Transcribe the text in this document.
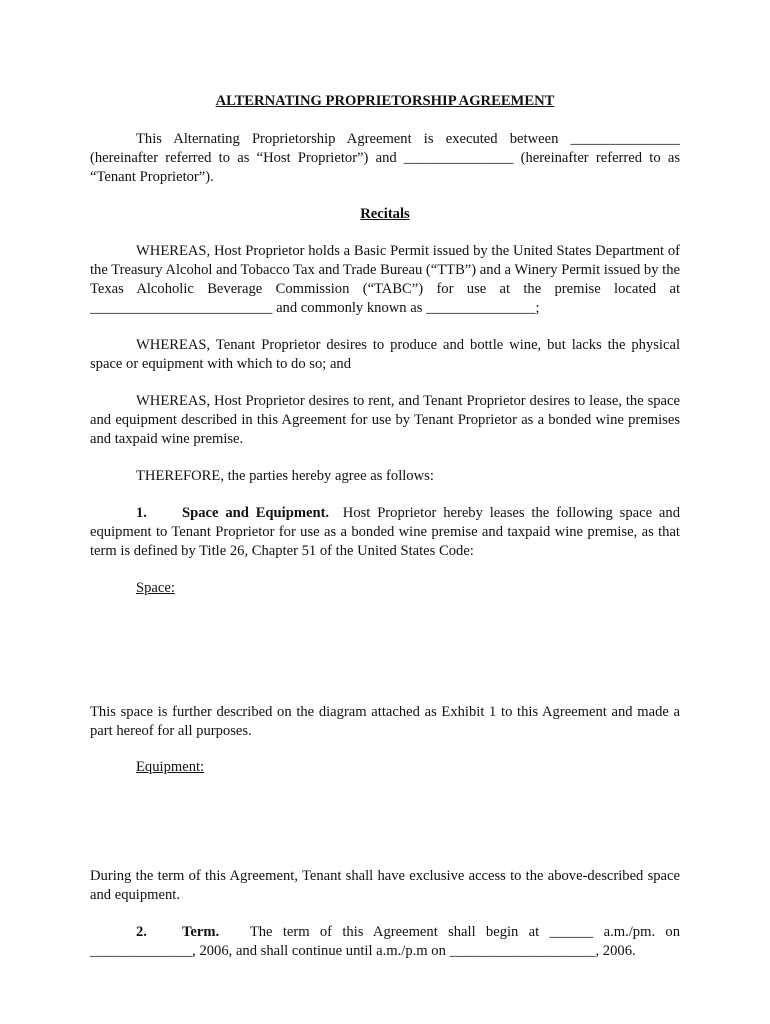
ALTERNATING PROPRIETORSHIP AGREEMENT

This Alternating Proprietorship Agreement is executed between _______________ (hereinafter referred to as “Host Proprietor”) and _______________ (hereinafter referred to as “Tenant Proprietor”).

Recitals

WHEREAS, Host Proprietor holds a Basic Permit issued by the United States Department of the Treasury Alcohol and Tobacco Tax and Trade Bureau (“TTB”) and a Winery Permit issued by the Texas Alcoholic Beverage Commission (“TABC”) for use at the premise located at _________________________ and commonly known as _______________;

WHEREAS, Tenant Proprietor desires to produce and bottle wine, but lacks the physical space or equipment with which to do so; and

WHEREAS, Host Proprietor desires to rent, and Tenant Proprietor desires to lease, the space and equipment described in this Agreement for use by Tenant Proprietor as a bonded wine premises and taxpaid wine premise.

THEREFORE, the parties hereby agree as follows:

1. Space and Equipment. Host Proprietor hereby leases the following space and equipment to Tenant Proprietor for use as a bonded wine premise and taxpaid wine premise, as that term is defined by Title 26, Chapter 51 of the United States Code:

Space:

This space is further described on the diagram attached as Exhibit 1 to this Agreement and made a part hereof for all purposes.

Equipment:

During the term of this Agreement, Tenant shall have exclusive access to the above-described space and equipment.

2. Term. The term of this Agreement shall begin at ______ a.m./pm. on ______________, 2006, and shall continue until a.m./p.m on ____________________, 2006.
